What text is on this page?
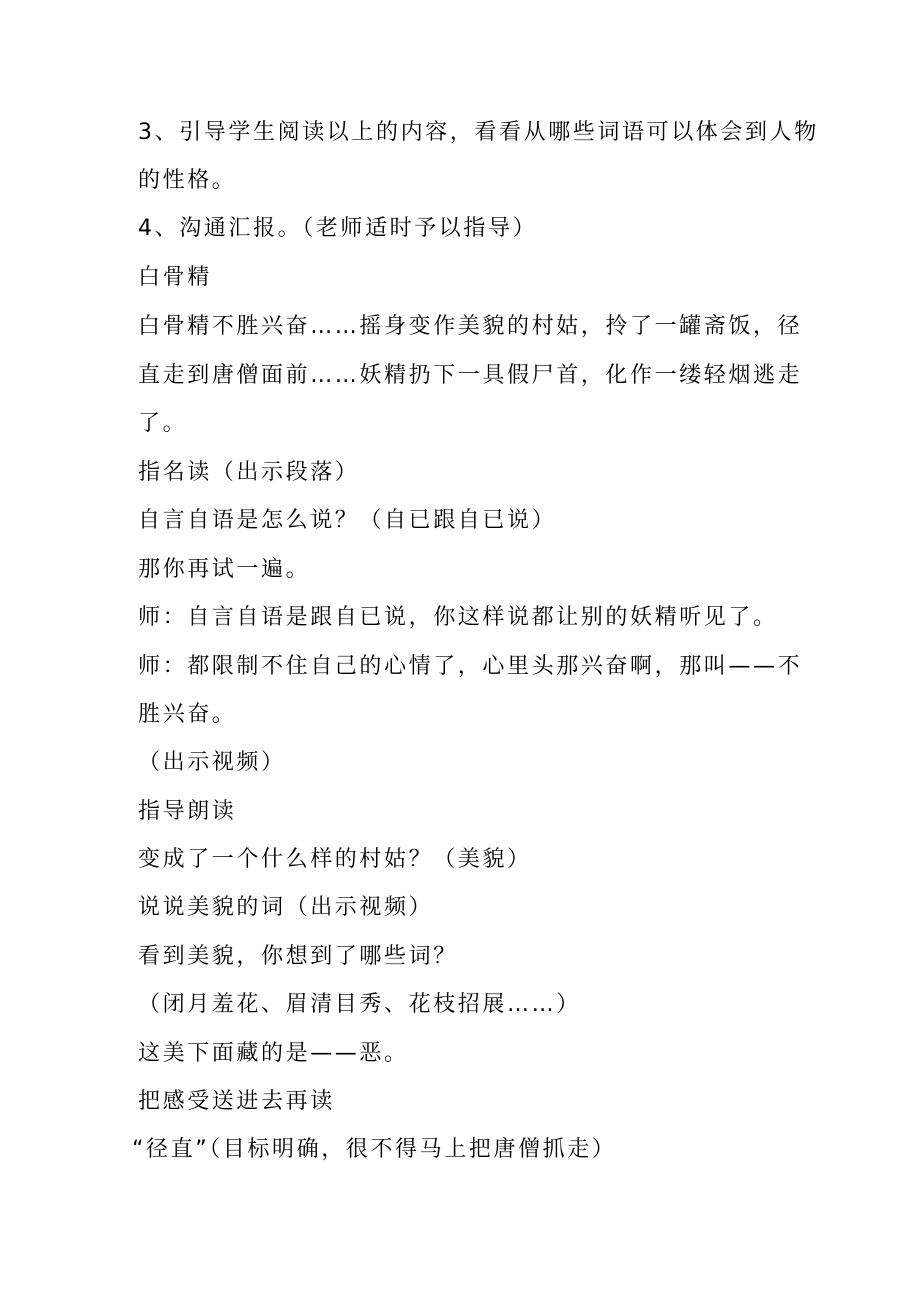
3、引导学生阅读以上的内容，看看从哪些词语可以体会到人物
的性格。
4、沟通汇报。（老师适时予以指导）
白骨精
白骨精不胜兴奋……摇身变作美貌的村姑，拎了一罐斋饭，径
直走到唐僧面前……妖精扔下一具假尸首，化作一缕轻烟逃走
了。
指名读（出示段落）
自言自语是怎么说？（自已跟自已说）
那你再试一遍。
师：自言自语是跟自已说，你这样说都让别的妖精听见了。
师：都限制不住自己的心情了，心里头那兴奋啊，那叫——不
胜兴奋。
（出示视频）
指导朗读
变成了一个什么样的村姑？（美貌）
说说美貌的词（出示视频）
看到美貌，你想到了哪些词？
（闭月羞花、眉清目秀、花枝招展……）
这美下面藏的是——恶。
把感受送进去再读
“径直”（目标明确，很不得马上把唐僧抓走）
